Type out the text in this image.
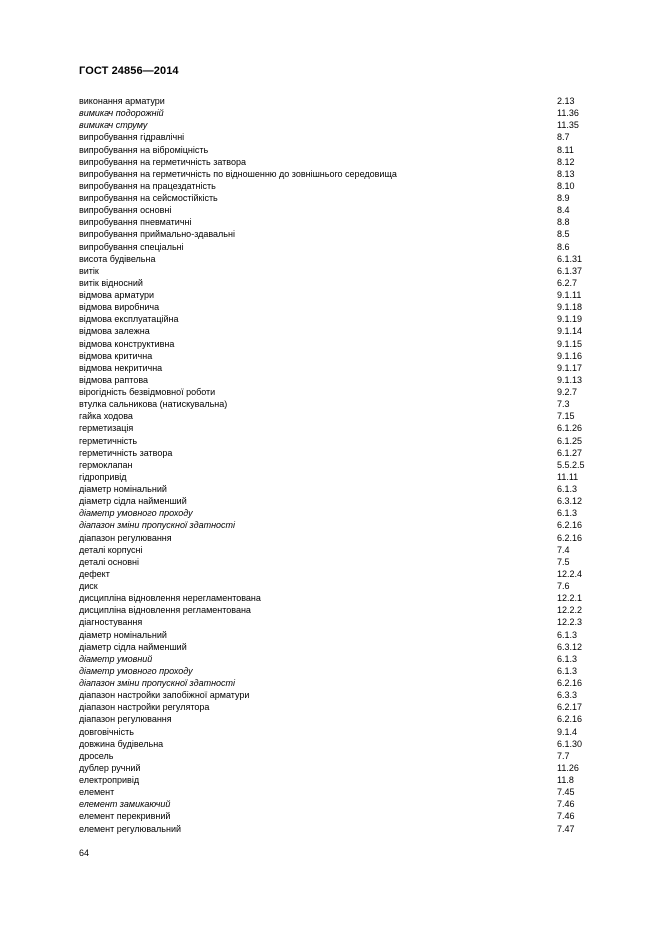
ГОСТ 24856—2014
виконання арматури	2.13
вимикач подорожній	11.36
вимикач струму	11.35
випробування гідравлічні	8.7
випробування на віброміцність	8.11
випробування на герметичність затвора	8.12
випробування на герметичність по відношенню до зовнішнього середовища	8.13
випробування на працездатність	8.10
випробування на сейсмостійкість	8.9
випробування основні	8.4
випробування пневматичні	8.8
випробування приймально-здавальні	8.5
випробування спеціальні	8.6
висота будівельна	6.1.31
витік	6.1.37
витік відносний	6.2.7
відмова арматури	9.1.11
відмова виробнича	9.1.18
відмова експлуатаційна	9.1.19
відмова залежна	9.1.14
відмова конструктивна	9.1.15
відмова критична	9.1.16
відмова некритична	9.1.17
відмова раптова	9.1.13
вірогідність безвідмовної роботи	9.2.7
втулка сальникова (натискувальна)	7.3
гайка ходова	7.15
герметизація	6.1.26
герметичність	6.1.25
герметичність затвора	6.1.27
гермоклапан	5.5.2.5
гідропривід	11.11
діаметр номінальний	6.1.3
діаметр сідла найменший	6.3.12
діаметр умовного проходу	6.1.3
діапазон зміни пропускної здатності	6.2.16
діапазон регулювання	6.2.16
деталі корпусні	7.4
деталі основні	7.5
дефект	12.2.4
диск	7.6
дисципліна відновлення нерегламентована	12.2.1
дисципліна відновлення регламентована	12.2.2
діагностування	12.2.3
діаметр номінальний	6.1.3
діаметр сідла найменший	6.3.12
діаметр умовний	6.1.3
діаметр умовного проходу	6.1.3
діапазон зміни пропускної здатності	6.2.16
діапазон настройки запобіжної арматури	6.3.3
діапазон настройки регулятора	6.2.17
діапазон регулювання	6.2.16
довговічність	9.1.4
довжина будівельна	6.1.30
дросель	7.7
дублер ручний	11.26
електропривід	11.8
елемент	7.45
елемент замикаючий	7.46
елемент перекривний	7.46
елемент регулювальний	7.47
64
